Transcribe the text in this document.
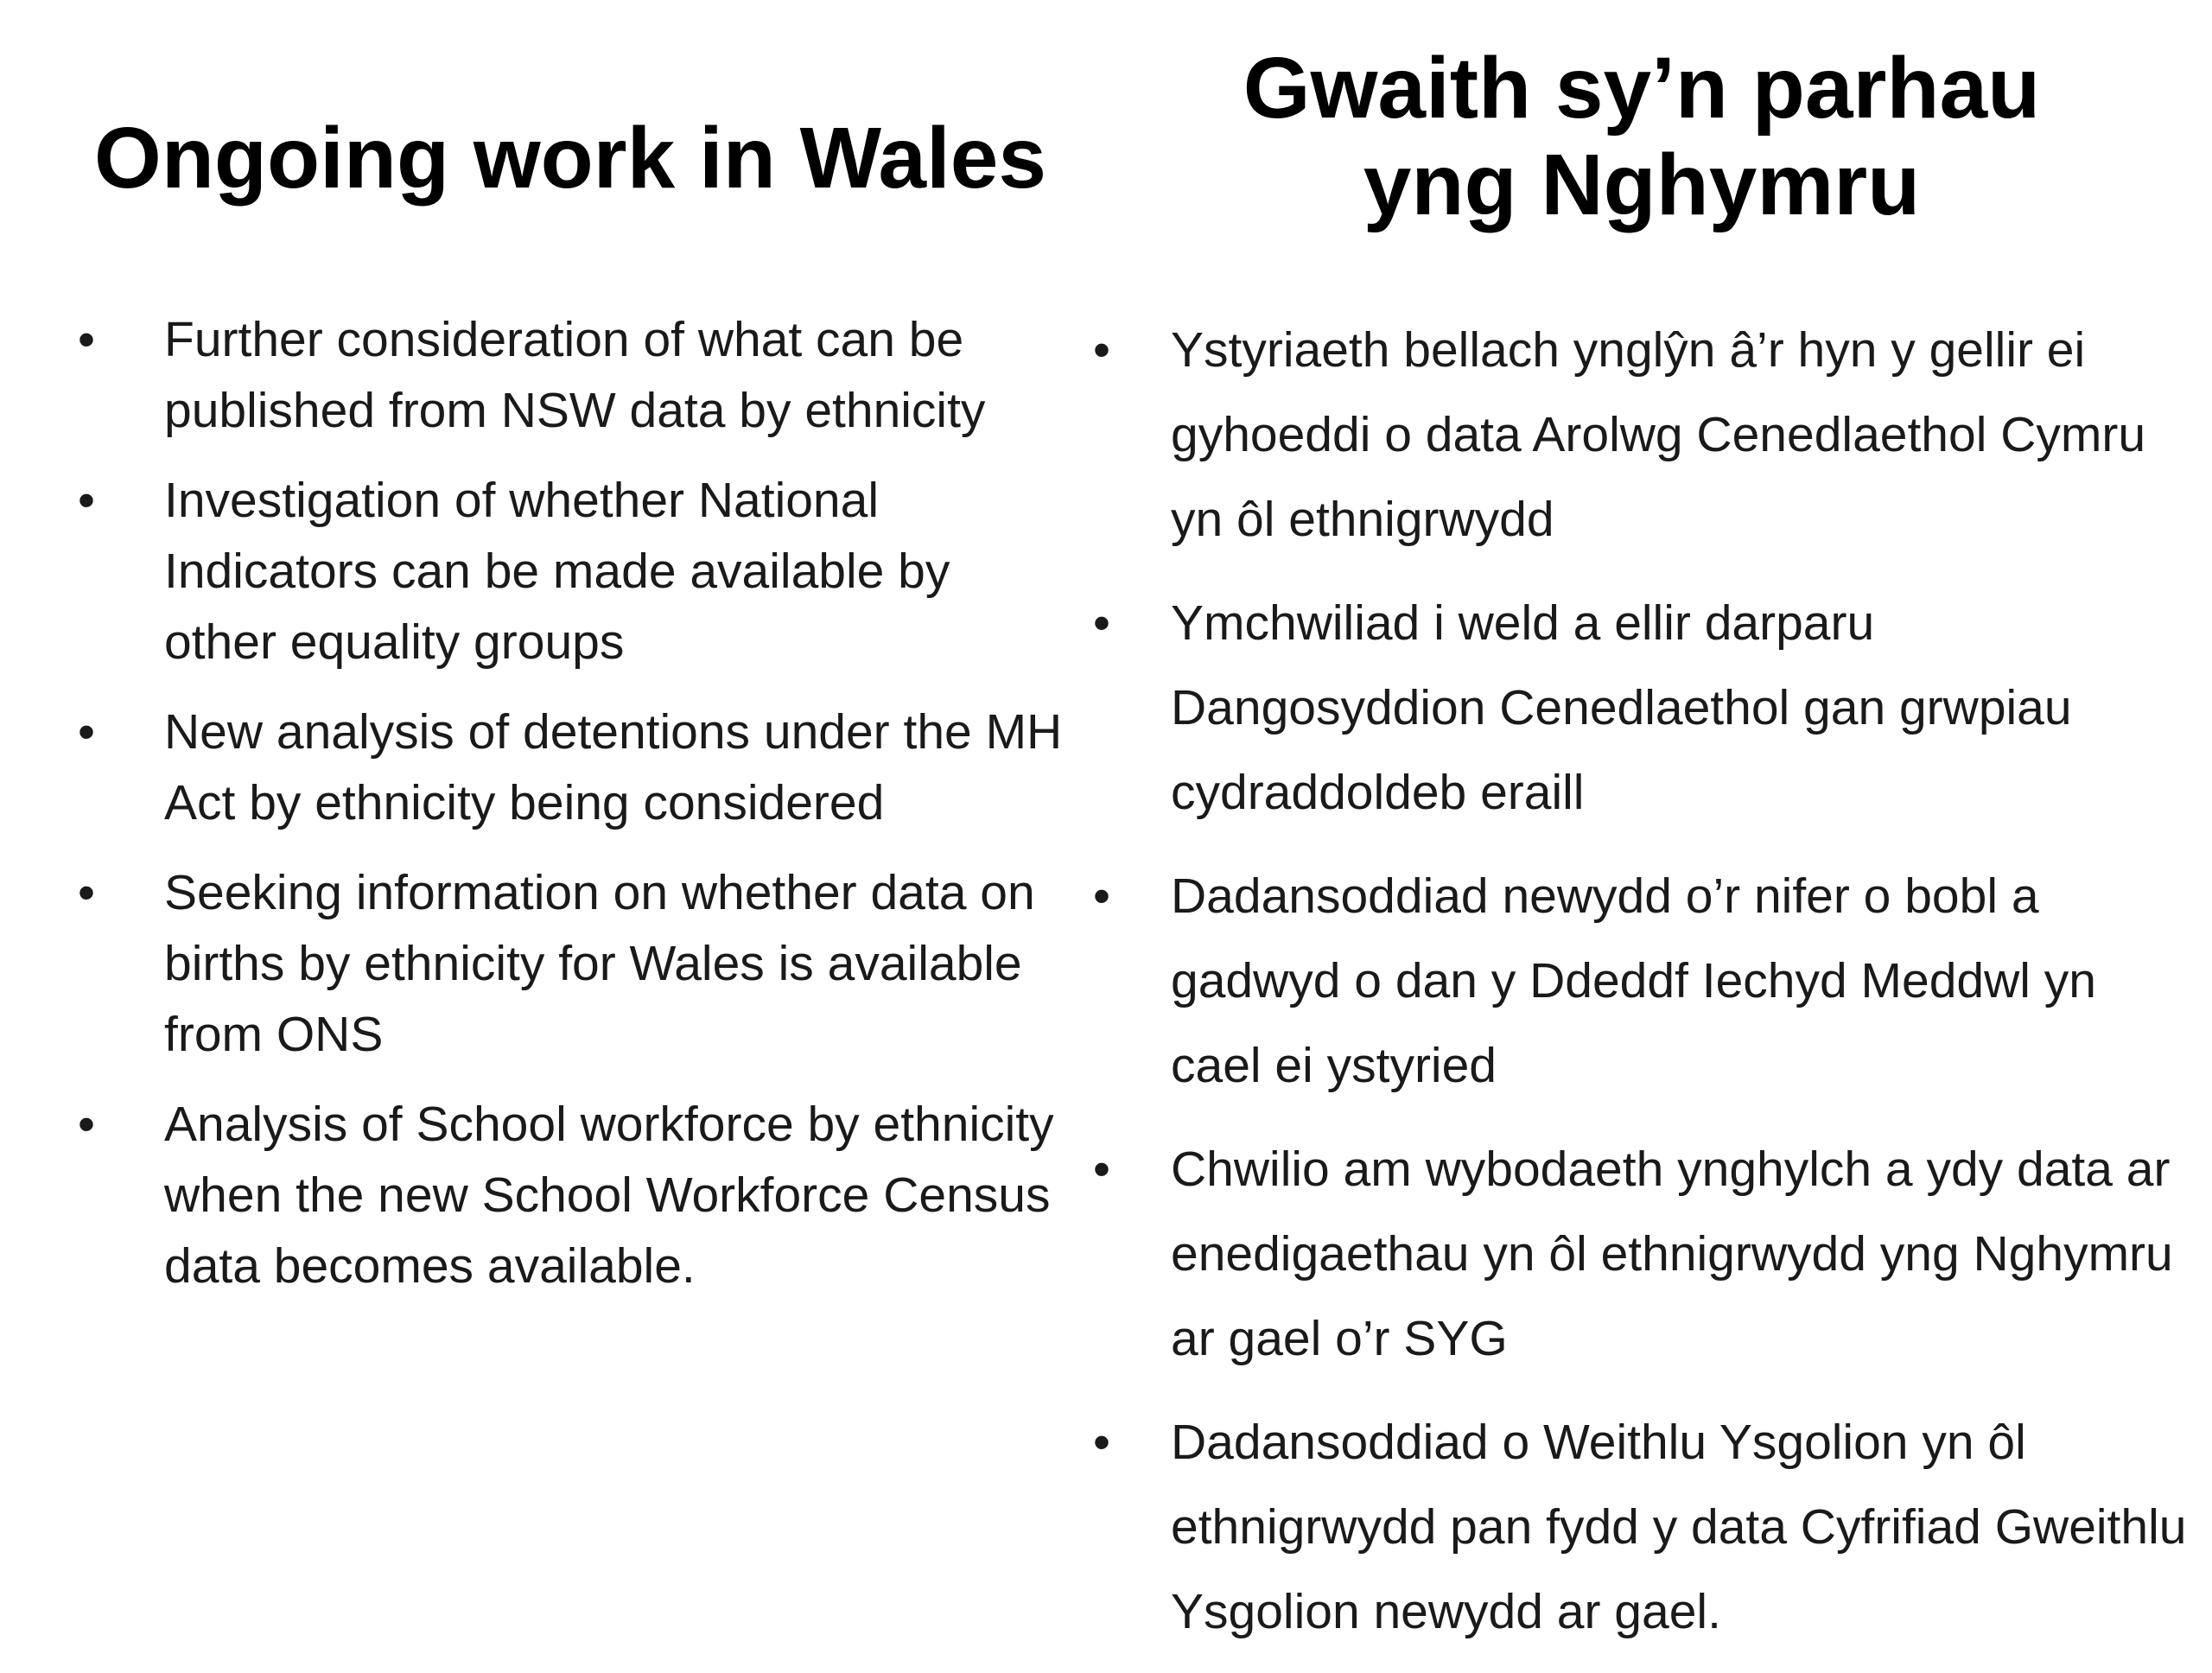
Ongoing work in Wales
•	Further consideration of what can be published from NSW data by ethnicity
•	Investigation of whether National Indicators can be made available by other equality groups
•	New analysis of detentions under the MH Act by ethnicity being considered
•	Seeking information on whether data on births by ethnicity for Wales is available from ONS
•	Analysis of School workforce by ethnicity when the new School Workforce Census data becomes available.
Gwaith sy’n parhau
yng Nghymru
•	Ystyriaeth bellach ynglŷn â’r hyn y gellir ei gyhoeddi o data Arolwg Cenedlaethol Cymru yn ôl ethnigrwydd
•	Ymchwiliad i weld a ellir darparu Dangosyddion Cenedlaethol gan grwpiau cydraddoldeb eraill
•	Dadansoddiad newydd o’r nifer o bobl a gadwyd o dan y Ddeddf Iechyd Meddwl yn cael ei ystyried
•	Chwilio am wybodaeth ynghylch a ydy data ar enedigaethau yn ôl ethnigrwydd yng Nghymru ar gael o’r SYG
•	Dadansoddiad o Weithlu Ysgolion yn ôl ethnigrwydd pan fydd y data Cyfrifiad Gweithlu Ysgolion newydd ar gael.
